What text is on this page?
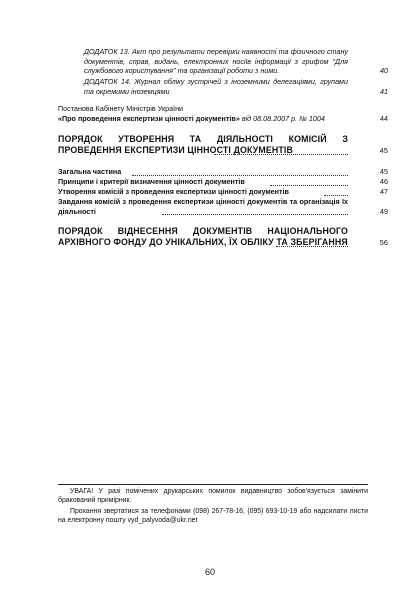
ДОДАТОК 13. Акт про результати перевірки наявності та фізичного стану документів, справ, видань, електронних носіїв інформації з грифом "Для службового користування" та організації роботи з ними.	40
ДОДАТОК 14. Журнал обліку зустрічей з іноземними делегаціями, групами та окремими іноземцями	41
Постанова Кабінету Міністрів України
«Про проведення експертизи цінності документів» від 08.08.2007 р. № 1004	44
ПОРЯДОК УТВОРЕННЯ ТА ДІЯЛЬНОСТІ КОМІСІЙ З ПРОВЕДЕННЯ ЕКСПЕРТИЗИ ЦІННОСТІ ДОКУМЕНТІВ	45
Загальна частина	45
Принципи і критерії визначення цінності документів	46
Утворення комісій з проведення експертизи цінності документів	47
Завдання комісій з проведення експертизи цінності документів та організація їх діяльності	49
ПОРЯДОК ВІДНЕСЕННЯ ДОКУМЕНТІВ НАЦІОНАЛЬНОГО АРХІВНОГО ФОНДУ ДО УНІКАЛЬНИХ, ЇХ ОБЛІКУ ТА ЗБЕРІГАННЯ	56
УВАГА! У разі помічених друкарських помилок видавництво зобов'язується замінити бракований примірник.
Прохання звертатися за телефонами (098) 267-78-16, (095) 693-10-19 або надсилати листи на електронну пошту vyd_palyvoda@ukr.net
60
